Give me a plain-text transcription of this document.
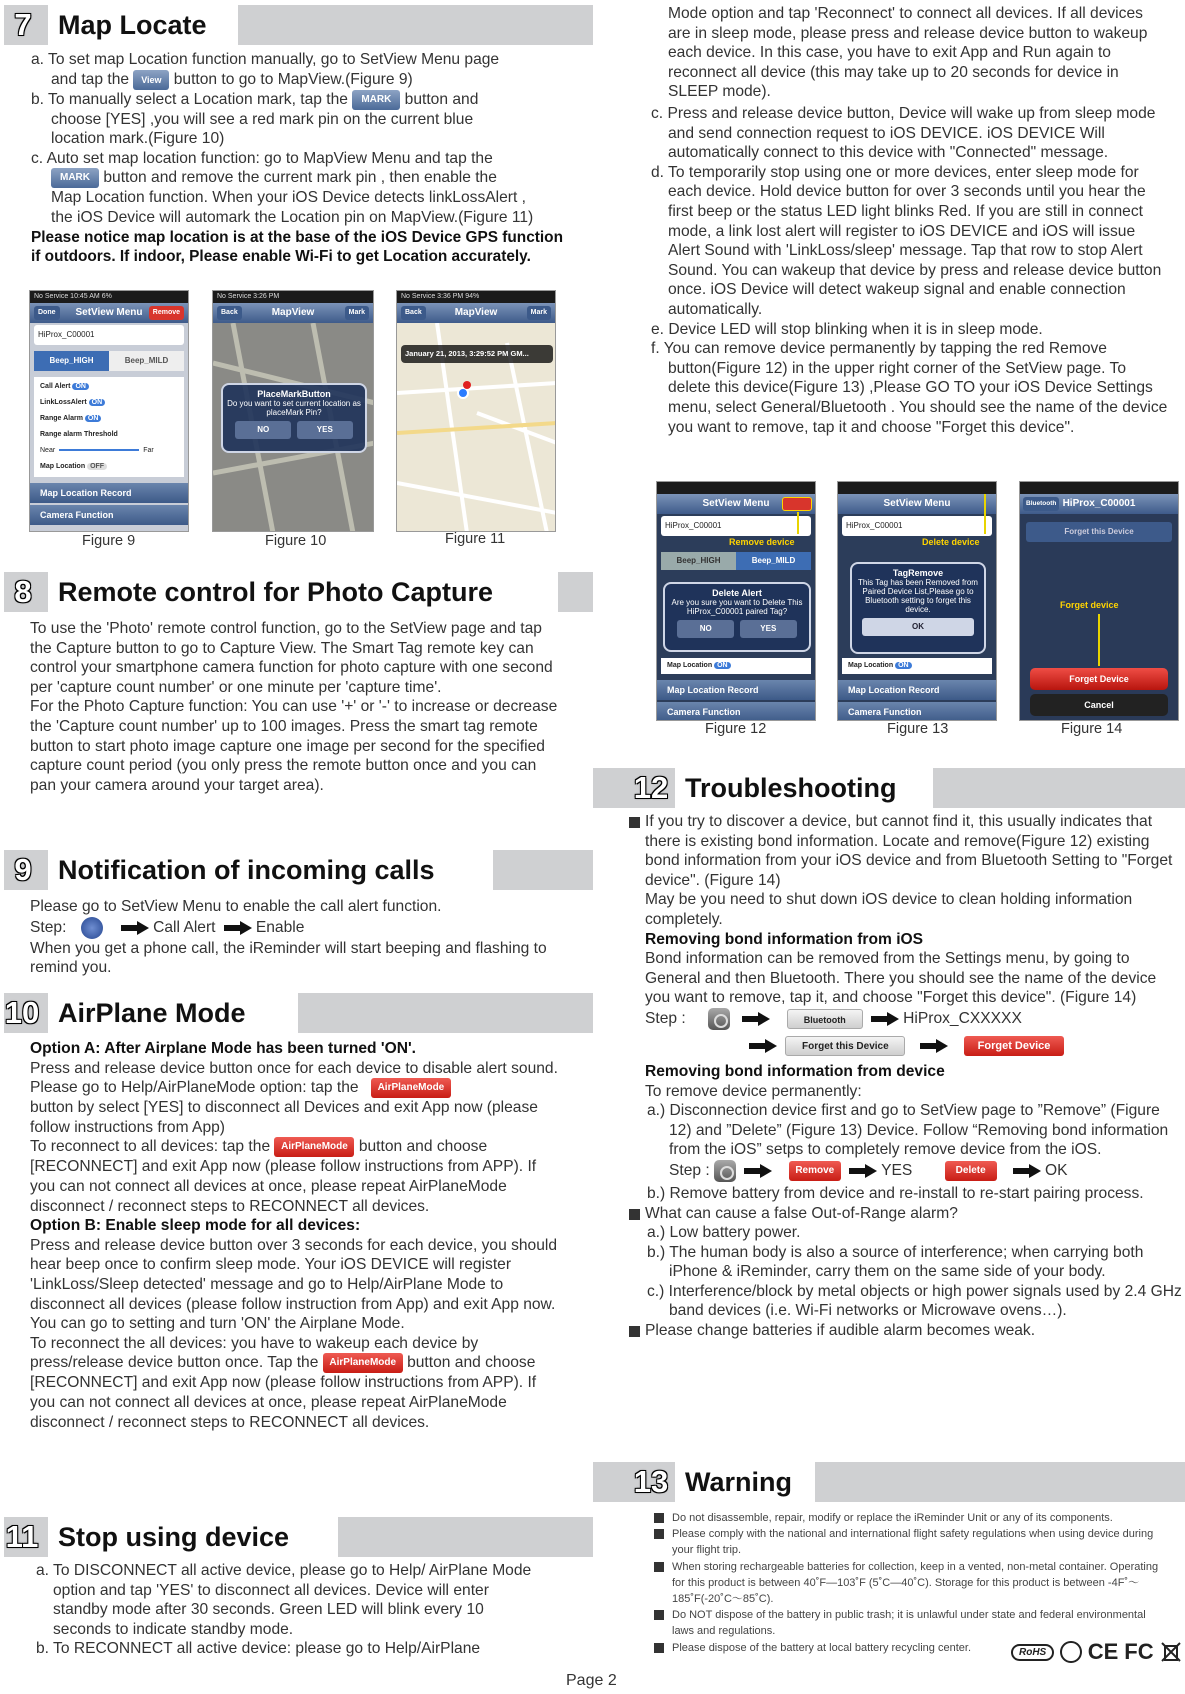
7 Map Locate

a. To set map Location function manually, go to SetView Menu page

and tap the View button to go to MapView.(Figure 9)

b. To manually select a Location mark, tap the MARK button and

choose [YES] ,you will see a red mark pin on the current blue

location mark.(Figure 10)

c. Auto set map location function: go to MapView Menu and tap the

MARK button and remove the current mark pin , then enable the

Map Location function. When your iOS Device detects linkLossAlert ,

the iOS Device will automark the Location pin on MapView.(Figure 11)

Please notice map location is at the base of the iOS Device GPS function if outdoors. If indoor, Please enable Wi-Fi to get Location accurately.

No Service 10:45 AM 6%
SetView Menu
Done	Remove
HiProx_C00001
Beep_HIGH	Beep_MILD
Call Alert ON
LinkLossAlert ON
Range Alarm ON
Range alarm Threshold
Near	Far
Map Location OFF
Map Location Record
Camera Function
Figure 9
No Service 3:26 PM
MapView
Back	Mark
PlaceMarkButton
Do you want to set current location as placeMark Pin?
NO	YES
Figure 10
No Service 3:36 PM 94%
MapView
Back	Mark
January 21, 2013, 3:29:52 PM GM...
Figure 11
8 Remote control for Photo Capture

To use the 'Photo' remote control function, go to the SetView page and tap the Capture button to go to Capture View. The Smart Tag remote key can control your smartphone camera function for photo capture with one second per 'capture count number' or one minute per 'capture time'.

For the Photo Capture function: You can use '+' or '-' to increase or decrease the 'Capture count number' up to 100 images. Press the smart tag remote button to start photo image capture one image per second for the specified capture count period (you only press the remote button once and you can pan your camera around your target area).

9 Notification of incoming calls

Please go to SetView Menu to enable the call alert function.

Step:	Call Alert	Enable

When you get a phone call, the iReminder will start beeping and flashing to remind you.

10 AirPlane Mode

Option A: After Airplane Mode has been turned 'ON'.

Press and release device button once for each device to disable alert sound. Please go to Help/AirPlaneMode option: tap the AirPlaneMode

button by select [YES] to disconnect all Devices and exit App now (please follow instructions from App)

To reconnect to all devices: tap the AirPlaneMode button and choose [RECONNECT] and exit App now (please follow instructions from APP). If you can not connect all devices at once, please repeat AirPlaneMode disconnect / reconnect steps to RECONNECT all devices.

Option B: Enable sleep mode for all devices:

Press and release device button over 3 seconds for each device, you should hear beep once to confirm sleep mode. Your iOS DEVICE will register 'LinkLoss/Sleep detected' message and go to Help/AirPlane Mode to disconnect all devices (please follow instruction from App) and exit App now. You can go to setting and turn 'ON' the Airplane Mode.

To reconnect the all devices: you have to wakeup each device by press/release device button once. Tap the AirPlaneMode button and choose [RECONNECT] and exit App now (please follow instructions from APP). If you can not connect all devices at once, please repeat AirPlaneMode disconnect / reconnect steps to RECONNECT all devices.

11 Stop using device

a. To DISCONNECT all active device, please go to Help/ AirPlane Mode option and tap 'YES' to disconnect all devices. Device will enter standby mode after 30 seconds. Green LED will blink every 10 seconds to indicate standby mode.

b. To RECONNECT all active device: please go to Help/AirPlane

Mode option and tap 'Reconnect' to connect all devices. If all devices are in sleep mode, please press and release device button to wakeup each device. In this case, you have to exit App and Run again to reconnect all device (this may take up to 20 seconds for device in SLEEP mode).

c. Press and release device button, Device will wake up from sleep mode and send connection request to iOS DEVICE. iOS DEVICE Will automatically connect to this device with "Connected" message.

d. To temporarily stop using one or more devices, enter sleep mode for each device. Hold device button for over 3 seconds until you hear the first beep or the status LED light blinks Red. If you are still in connect mode, a link lost alert will register to iOS DEVICE and iOS will issue Alert Sound with 'LinkLoss/sleep' message. Tap that row to stop Alert Sound. You can wakeup that device by press and release device button once. iOS Device will detect wakeup signal and enable connection automatically.

e. Device LED will stop blinking when it is in sleep mode.

f. You can remove device permanently by tapping the red Remove button(Figure 12) in the upper right corner of the SetView page. To delete this device(Figure 13) ,Please GO TO your iOS Device Settings menu, select General/Bluetooth . You should see the name of the device you want to remove, tap it and choose "Forget this device".

SetView Menu
HiProx_C00001
Remove device
Beep_HIGH	Beep_MILD
Delete Alert
Are you sure you want to Delete This HiProx_C00001 paired Tag?
NO	YES
Map Location ON
Map Location Record
Camera Function
Figure 12
SetView Menu
HiProx_C00001
Delete device
TagRemove
This Tag has been Removed from Paired Device List,Please go to Bluetooth setting to forget this device.
OK
Map Location ON
Map Location Record
Camera Function
Figure 13
HiProx_C00001
Bluetooth
Forget this Device
Forget device
Forget Device
Cancel
Figure 14
12 Troubleshooting

If you try to discover a device, but cannot find it, this usually indicates that there is existing bond information. Locate and remove(Figure 12) existing bond information from your iOS device and from Bluetooth Setting to "Forget device". (Figure 14)

May be you need to shut down iOS device to clean holding information completely.

Removing bond information from iOS

Bond information can be removed from the Settings menu, by going to General and then Bluetooth. There you should see the name of the device you want to remove, tap it, and choose "Forget this device". (Figure 14)

Step :	Bluetooth	HiProx_CXXXXX

Forget this Device	Forget Device

Removing bond information from device

To remove device permanently:

a.) Disconnection device first and go to SetView page to ”Remove” (Figure 12) and ”Delete” (Figure 13) Device. Follow “Removing bond information from the iOS” setps to completely remove device from the iOS.

Step :	Remove	YES	Delete	OK

b.) Remove battery from device and re-install to re-start pairing process.

What can cause a false Out-of-Range alarm?

a.) Low battery power.

b.) The human body is also a source of interference; when carrying both iPhone & iReminder, carry them on the same side of your body.

c.) Interference/block by metal objects or high power signals used by 2.4 GHz band devices (i.e. Wi-Fi networks or Microwave ovens…).

Please change batteries if audible alarm becomes weak.

13 Warning

Do not disassemble, repair, modify or replace the iReminder Unit or any of its components.

Please comply with the national and international flight safety regulations when using device during your flight trip.

When storing rechargeable batteries for collection, keep in a vented, non-metal container. Operating for this product is between 40˚F—103˚F (5˚C—40˚C). Storage for this product is between -4F˚～185˚F(-20˚C～85˚C).

Do NOT dispose of the battery in public trash; it is unlawful under state and federal environmental laws and regulations.

Please dispose of the battery at local battery recycling center.	RoHS	CE FC
Page 2
